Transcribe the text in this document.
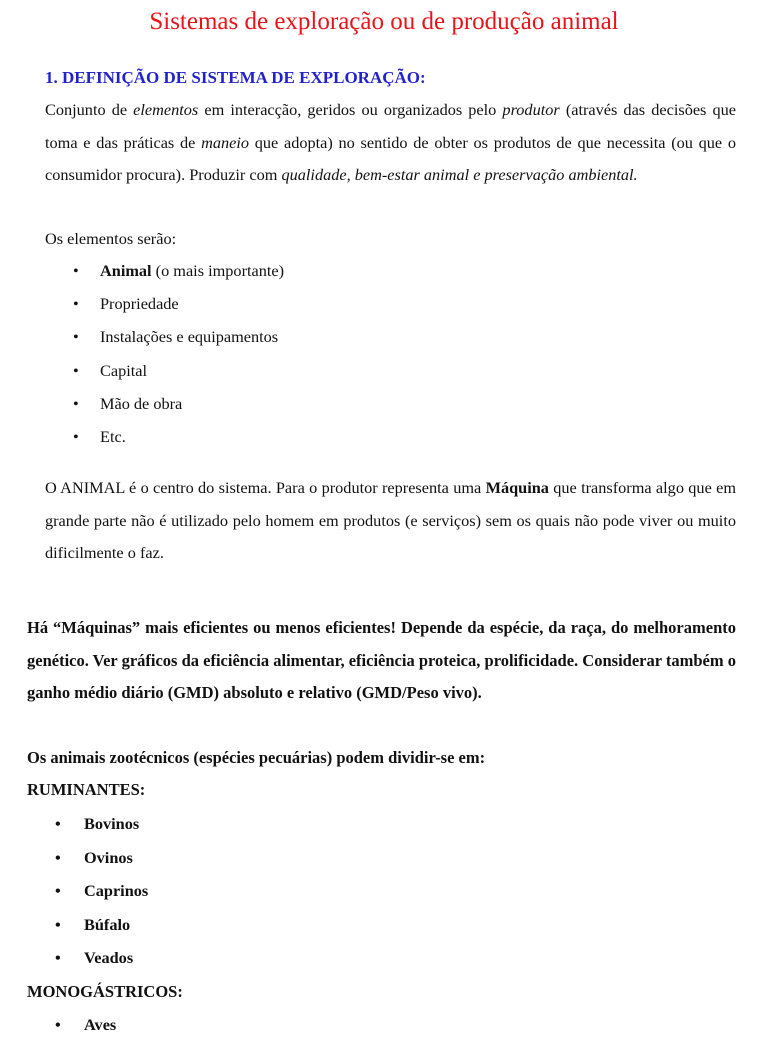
Sistemas de exploração ou de produção animal
1. DEFINIÇÃO DE SISTEMA DE EXPLORAÇÃO:

Conjunto de elementos em interacção, geridos ou organizados pelo produtor (através das decisões que toma e das práticas de maneio que adopta) no sentido de obter os produtos de que necessita (ou que o consumidor procura). Produzir com qualidade, bem-estar animal e preservação ambiental.

Os elementos serão:

• Animal (o mais importante)
• Propriedade
• Instalações e equipamentos
• Capital
• Mão de obra
• Etc.

O ANIMAL é o centro do sistema. Para o produtor representa uma Máquina que transforma algo que em grande parte não é utilizado pelo homem em produtos (e serviços) sem os quais não pode viver ou muito dificilmente o faz.

Há “Máquinas” mais eficientes ou menos eficientes! Depende da espécie, da raça, do melhoramento genético. Ver gráficos da eficiência alimentar, eficiência proteica, prolificidade. Considerar também o ganho médio diário (GMD) absoluto e relativo (GMD/Peso vivo).

Os animais zootécnicos (espécies pecuárias) podem dividir-se em:

RUMINANTES:

• Bovinos
• Ovinos
• Caprinos
• Búfalo
• Veados

MONOGÁSTRICOS:

• Aves
